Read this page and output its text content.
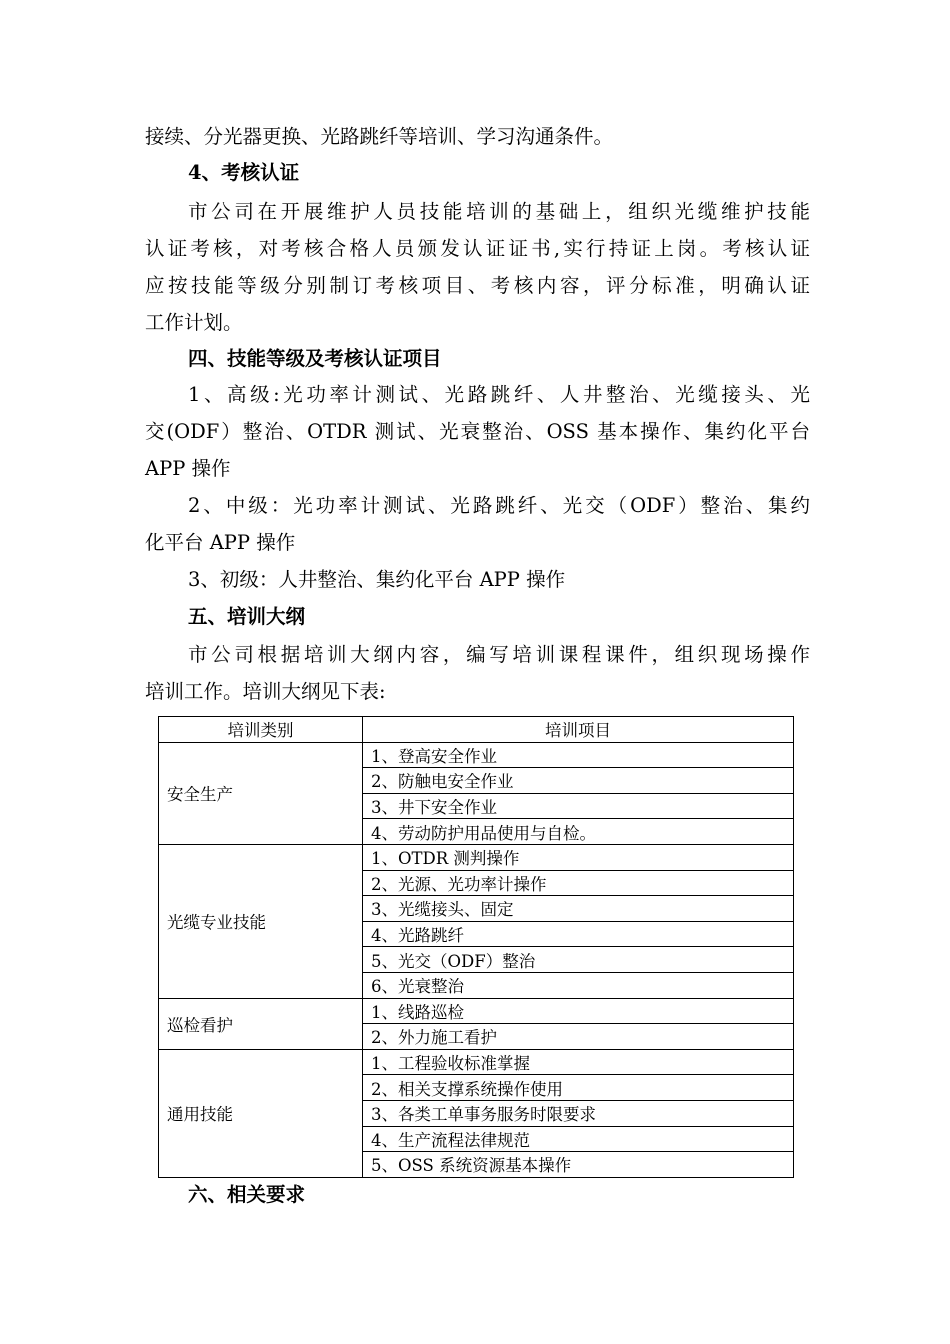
接续、分光器更换、光路跳纤等培训、学习沟通条件。
4、考核认证
市公司在开展维护人员技能培训的基础上，组织光缆维护技能
认证考核，对考核合格人员颁发认证证书,实行持证上岗。考核认证
应按技能等级分别制订考核项目、考核内容，评分标准，明确认证
工作计划。
四、技能等级及考核认证项目
1、高级:光功率计测试、光路跳纤、人井整治、光缆接头、光
交(ODF）整治、OTDR 测试、光衰整治、OSS 基本操作、集约化平台
APP 操作
2、中级：光功率计测试、光路跳纤、光交（ODF）整治、集约
化平台 APP 操作
3、初级：人井整治、集约化平台 APP 操作
五、培训大纲
市公司根据培训大纲内容，编写培训课程课件，组织现场操作
培训工作。培训大纲见下表:
培训类别	培训项目
安全生产	1、登高安全作业
	2、防触电安全作业
	3、井下安全作业
	4、劳动防护用品使用与自检。
光缆专业技能	1、OTDR 测判操作
	2、光源、光功率计操作
	3、光缆接头、固定
	4、光路跳纤
	5、光交（ODF）整治
	6、光衰整治
巡检看护	1、线路巡检
	2、外力施工看护
通用技能	1、工程验收标准掌握
	2、相关支撑系统操作使用
	3、各类工单事务服务时限要求
	4、生产流程法律规范
	5、OSS 系统资源基本操作
六、相关要求
